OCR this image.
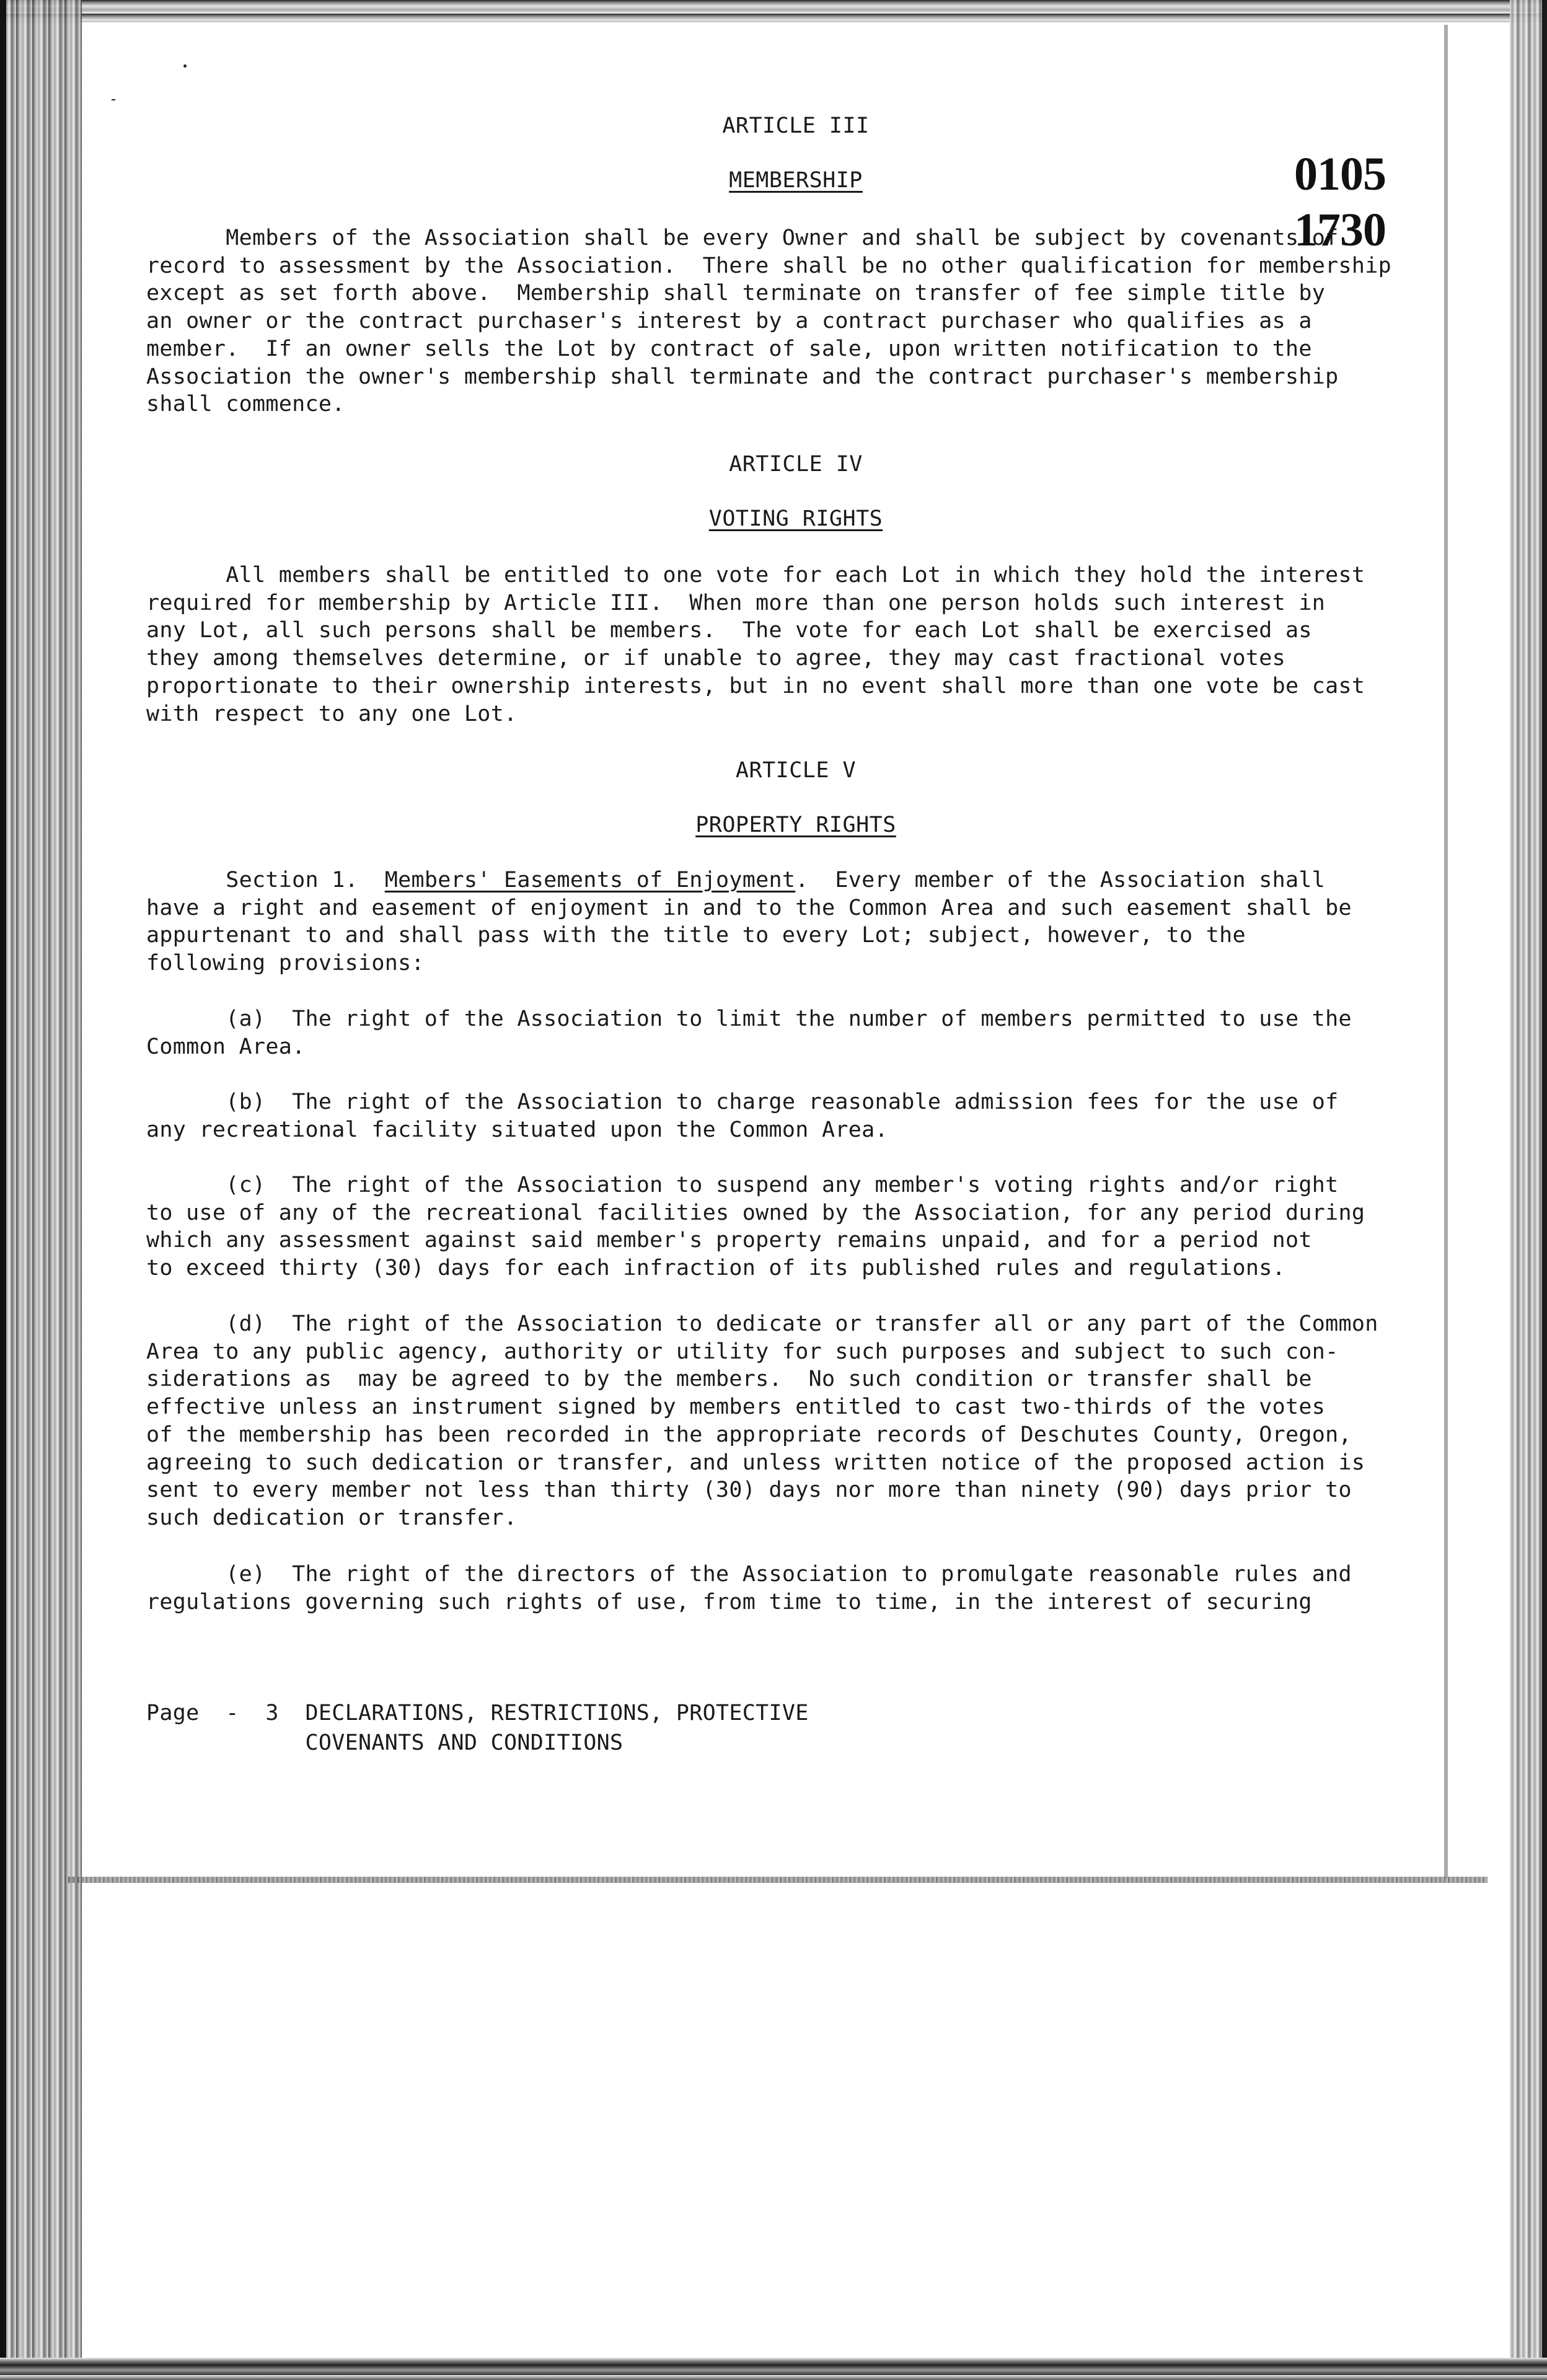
ARTICLE III
MEMBERSHIP	0105 1730
Members of the Association shall be every Owner and shall be subject by covenants of
record to assessment by the Association.  There shall be no other qualification for membership
except as set forth above.  Membership shall terminate on transfer of fee simple title by
an owner or the contract purchaser's interest by a contract purchaser who qualifies as a
member.  If an owner sells the Lot by contract of sale, upon written notification to the
Association the owner's membership shall terminate and the contract purchaser's membership
shall commence.
ARTICLE IV
VOTING RIGHTS
All members shall be entitled to one vote for each Lot in which they hold the interest
required for membership by Article III.  When more than one person holds such interest in
any Lot, all such persons shall be members.  The vote for each Lot shall be exercised as
they among themselves determine, or if unable to agree, they may cast fractional votes
proportionate to their ownership interests, but in no event shall more than one vote be cast
with respect to any one Lot.
ARTICLE V
PROPERTY RIGHTS
Section 1.  Members' Easements of Enjoyment.  Every member of the Association shall
have a right and easement of enjoyment in and to the Common Area and such easement shall be
appurtenant to and shall pass with the title to every Lot; subject, however, to the
following provisions:
(a)  The right of the Association to limit the number of members permitted to use the
Common Area.
(b)  The right of the Association to charge reasonable admission fees for the use of
any recreational facility situated upon the Common Area.
(c)  The right of the Association to suspend any member's voting rights and/or right
to use of any of the recreational facilities owned by the Association, for any period during
which any assessment against said member's property remains unpaid, and for a period not
to exceed thirty (30) days for each infraction of its published rules and regulations.
(d)  The right of the Association to dedicate or transfer all or any part of the Common
Area to any public agency, authority or utility for such purposes and subject to such con-
siderations as  may be agreed to by the members.  No such condition or transfer shall be
effective unless an instrument signed by members entitled to cast two-thirds of the votes
of the membership has been recorded in the appropriate records of Deschutes County, Oregon,
agreeing to such dedication or transfer, and unless written notice of the proposed action is
sent to every member not less than thirty (30) days nor more than ninety (90) days prior to
such dedication or transfer.
(e)  The right of the directors of the Association to promulgate reasonable rules and
regulations governing such rights of use, from time to time, in the interest of securing
Page  -  3 DECLARATIONS, RESTRICTIONS, PROTECTIVE
COVENANTS AND CONDITIONS
